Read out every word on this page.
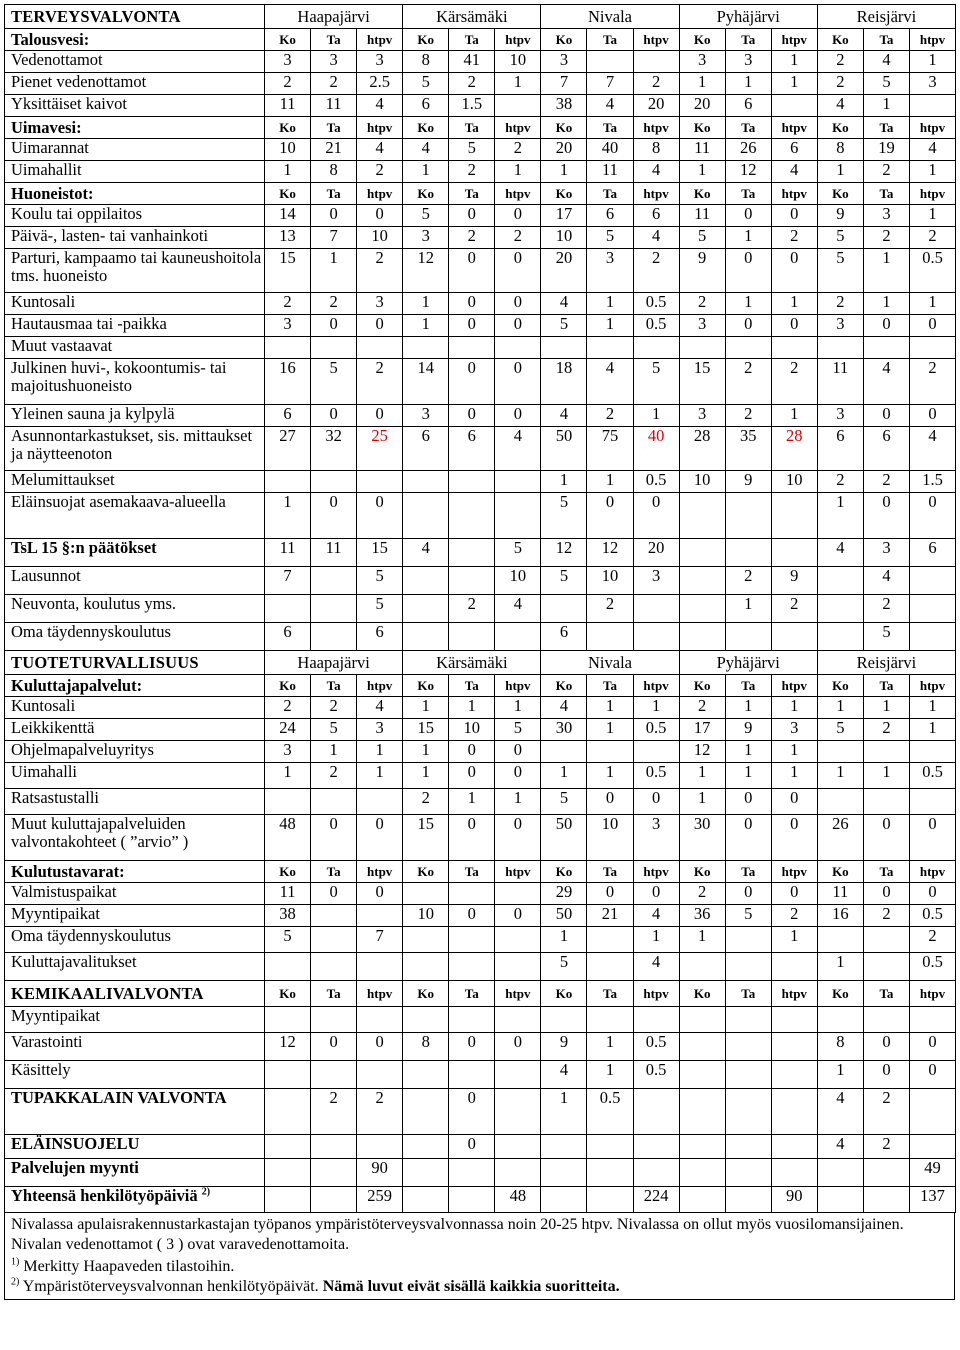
TERVEYSVALVONTA	Haapajärvi			Kärsämäki			Nivala			Pyhäjärvi			Reisjärvi		
Talousvesi:	Ko	Ta	htpv	Ko	Ta	htpv	Ko	Ta	htpv	Ko	Ta	htpv	Ko	Ta	htpv
Vedenottamot	3	3	3	8	41	10	3			3	3	1	2	4	1
Pienet vedenottamot	2	2	2.5	5	2	1	7	7	2	1	1	1	2	5	3
Yksittäiset kaivot	11	11	4	6	1.5		38	4	20	20	6		4	1	
Uimavesi:	Ko	Ta	htpv	Ko	Ta	htpv	Ko	Ta	htpv	Ko	Ta	htpv	Ko	Ta	htpv
Uimarannat	10	21	4	4	5	2	20	40	8	11	26	6	8	19	4
Uimahallit	1	8	2	1	2	1	1	11	4	1	12	4	1	2	1
Huoneistot:	Ko	Ta	htpv	Ko	Ta	htpv	Ko	Ta	htpv	Ko	Ta	htpv	Ko	Ta	htpv
Koulu tai oppilaitos	14	0	0	5	0	0	17	6	6	11	0	0	9	3	1
Päivä-, lasten- tai vanhainkoti	13	7	10	3	2	2	10	5	4	5	1	2	5	2	2
Parturi, kampaamo tai kauneushoitola tms. huoneisto	15	1	2	12	0	0	20	3	2	9	0	0	5	1	0.5
Kuntosali	2	2	3	1	0	0	4	1	0.5	2	1	1	2	1	1
Hautausmaa tai -paikka	3	0	0	1	0	0	5	1	0.5	3	0	0	3	0	0
Muut vastaavat															
Julkinen huvi-, kokoontumis- tai majoitushuoneisto	16	5	2	14	0	0	18	4	5	15	2	2	11	4	2
Yleinen sauna ja kylpylä	6	0	0	3	0	0	4	2	1	3	2	1	3	0	0
Asunnontarkastukset, sis. mittaukset ja näytteenoton	27	32	25	6	6	4	50	75	40	28	35	28	6	6	4
Melumittaukset							1	1	0.5	10	9	10	2	2	1.5
Eläinsuojat asemakaava-alueella	1	0	0				5	0	0				1	0	0
TsL 15 §:n päätökset	11	11	15	4		5	12	12	20				4	3	6
Lausunnot	7		5			10	5	10	3		2	9		4	
Neuvonta, koulutus yms.			5		2	4		2			1	2		2	
Oma täydennyskoulutus	6		6				6							5	
TUOTETURVALLISUUS	Haapajärvi			Kärsämäki			Nivala			Pyhäjärvi			Reisjärvi		
Kuluttajapalvelut:	Ko	Ta	htpv	Ko	Ta	htpv	Ko	Ta	htpv	Ko	Ta	htpv	Ko	Ta	htpv
Kuntosali	2	2	4	1	1	1	4	1	1	2	1	1	1	1	1
Leikkikenttä	24	5	3	15	10	5	30	1	0.5	17	9	3	5	2	1
Ohjelmapalveluyritys	3	1	1	1	0	0				12	1	1			
Uimahalli	1	2	1	1	0	0	1	1	0.5	1	1	1	1	1	0.5
Ratsastustalli				2	1	1	5	0	0	1	0	0			
Muut kuluttajapalveluiden valvontakohteet ( ”arvio” )	48	0	0	15	0	0	50	10	3	30	0	0	26	0	0
Kulutustavarat:	Ko	Ta	htpv	Ko	Ta	htpv	Ko	Ta	htpv	Ko	Ta	htpv	Ko	Ta	htpv
Valmistuspaikat	11	0	0				29	0	0	2	0	0	11	0	0
Myyntipaikat	38			10	0	0	50	21	4	36	5	2	16	2	0.5
Oma täydennyskoulutus	5		7				1		1	1		1			2
Kuluttajavalitukset							5		4				1		0.5
KEMIKAALIVALVONTA	Ko	Ta	htpv	Ko	Ta	htpv	Ko	Ta	htpv	Ko	Ta	htpv	Ko	Ta	htpv
Myyntipaikat															
Varastointi	12	0	0	8	0	0	9	1	0.5				8	0	0
Käsittely							4	1	0.5				1	0	0
TUPAKKALAIN VALVONTA		2	2		0		1	0.5					4	2	
ELÄINSUOJELU					0								4	2	
Palvelujen myynti			90												49
Yhteensä henkilötyöpäiviä $^{2)}$			259			48			224			90			137
Nivalassa apulaisrakennustarkastajan työpanos ympäristöterveysvalvonnassa noin 20-25 htpv. Nivalassa on ollut myös vuosilomansijainen. Nivalan vedenottamot ( 3 ) ovat varavedenottamoita.
$^{1)}$ Merkitty Haapaveden tilastoihin.
$^{2)}$ Ympäristöterveysvalvonnan henkilötyöpäivät. Nämä luvut eivät sisällä kaikkia suoritteita.
